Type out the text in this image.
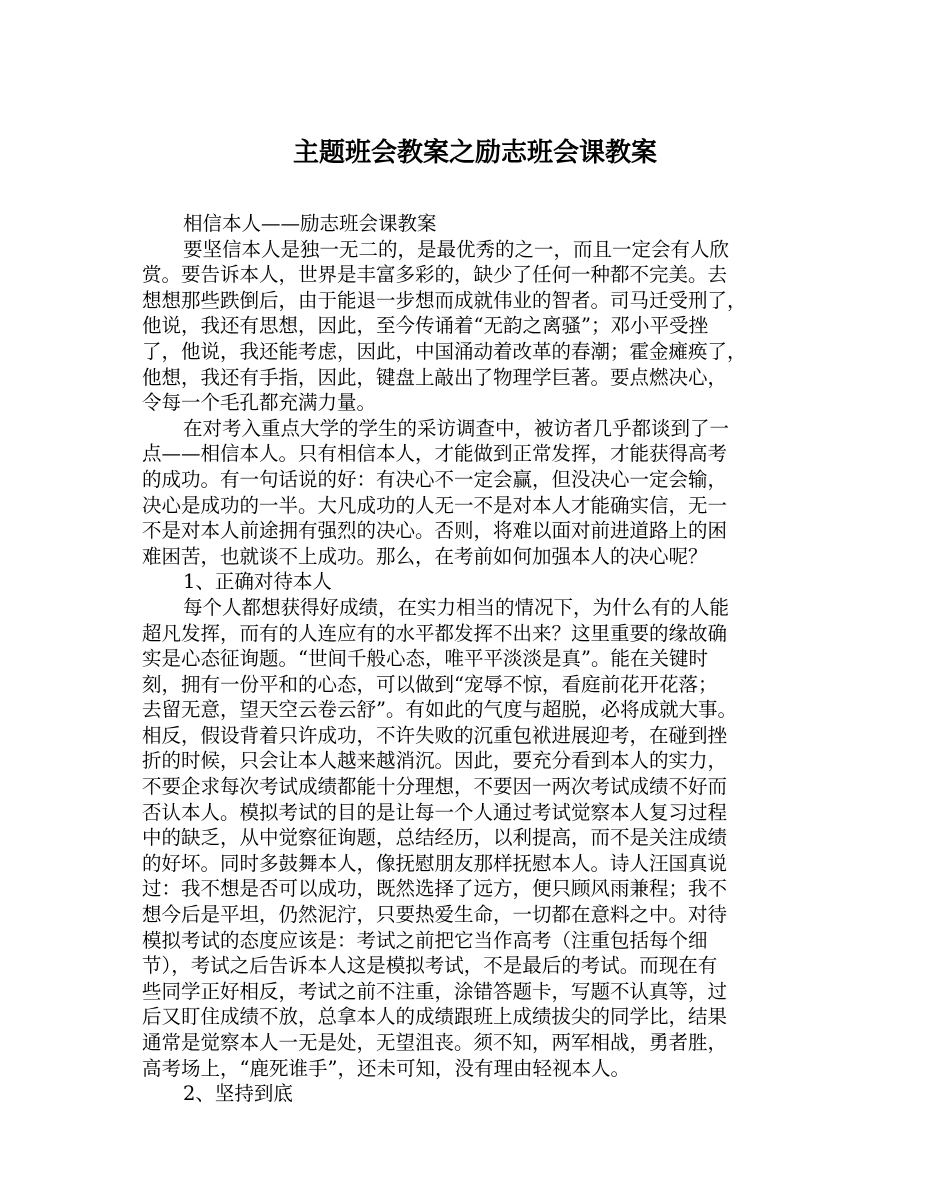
主题班会教案之励志班会课教案

相信本人——励志班会课教案

要坚信本人是独一无二的，是最优秀的之一，而且一定会有人欣

赏。要告诉本人，世界是丰富多彩的，缺少了任何一种都不完美。去

想想那些跌倒后，由于能退一步想而成就伟业的智者。司马迁受刑了，

他说，我还有思想，因此，至今传诵着“无韵之离骚”；邓小平受挫

了，他说，我还能考虑，因此，中国涌动着改革的春潮；霍金瘫痪了，

他想，我还有手指，因此，键盘上敲出了物理学巨著。要点燃决心，

令每一个毛孔都充满力量。

在对考入重点大学的学生的采访调查中，被访者几乎都谈到了一

点——相信本人。只有相信本人，才能做到正常发挥，才能获得高考

的成功。有一句话说的好：有决心不一定会赢，但没决心一定会输，

决心是成功的一半。大凡成功的人无一不是对本人才能确实信，无一

不是对本人前途拥有强烈的决心。否则，将难以面对前进道路上的困

难困苦，也就谈不上成功。那么，在考前如何加强本人的决心呢？

1、正确对待本人

每个人都想获得好成绩，在实力相当的情况下，为什么有的人能

超凡发挥，而有的人连应有的水平都发挥不出来？这里重要的缘故确

实是心态征询题。“世间千般心态，唯平平淡淡是真”。能在关键时

刻，拥有一份平和的心态，可以做到“宠辱不惊，看庭前花开花落；

去留无意，望天空云卷云舒”。有如此的气度与超脱，必将成就大事。

相反，假设背着只许成功，不许失败的沉重包袱进展迎考，在碰到挫

折的时候，只会让本人越来越消沉。因此，要充分看到本人的实力，

不要企求每次考试成绩都能十分理想，不要因一两次考试成绩不好而

否认本人。模拟考试的目的是让每一个人通过考试觉察本人复习过程

中的缺乏，从中觉察征询题，总结经历，以利提高，而不是关注成绩

的好坏。同时多鼓舞本人，像抚慰朋友那样抚慰本人。诗人汪国真说

过：我不想是否可以成功，既然选择了远方，便只顾风雨兼程；我不

想今后是平坦，仍然泥泞，只要热爱生命，一切都在意料之中。对待

模拟考试的态度应该是：考试之前把它当作高考（注重包括每个细

节），考试之后告诉本人这是模拟考试，不是最后的考试。而现在有

些同学正好相反，考试之前不注重，涂错答题卡，写题不认真等，过

后又盯住成绩不放，总拿本人的成绩跟班上成绩拔尖的同学比，结果

通常是觉察本人一无是处，无望沮丧。须不知，两军相战，勇者胜，

高考场上，“鹿死谁手”，还未可知，没有理由轻视本人。

2、坚持到底
